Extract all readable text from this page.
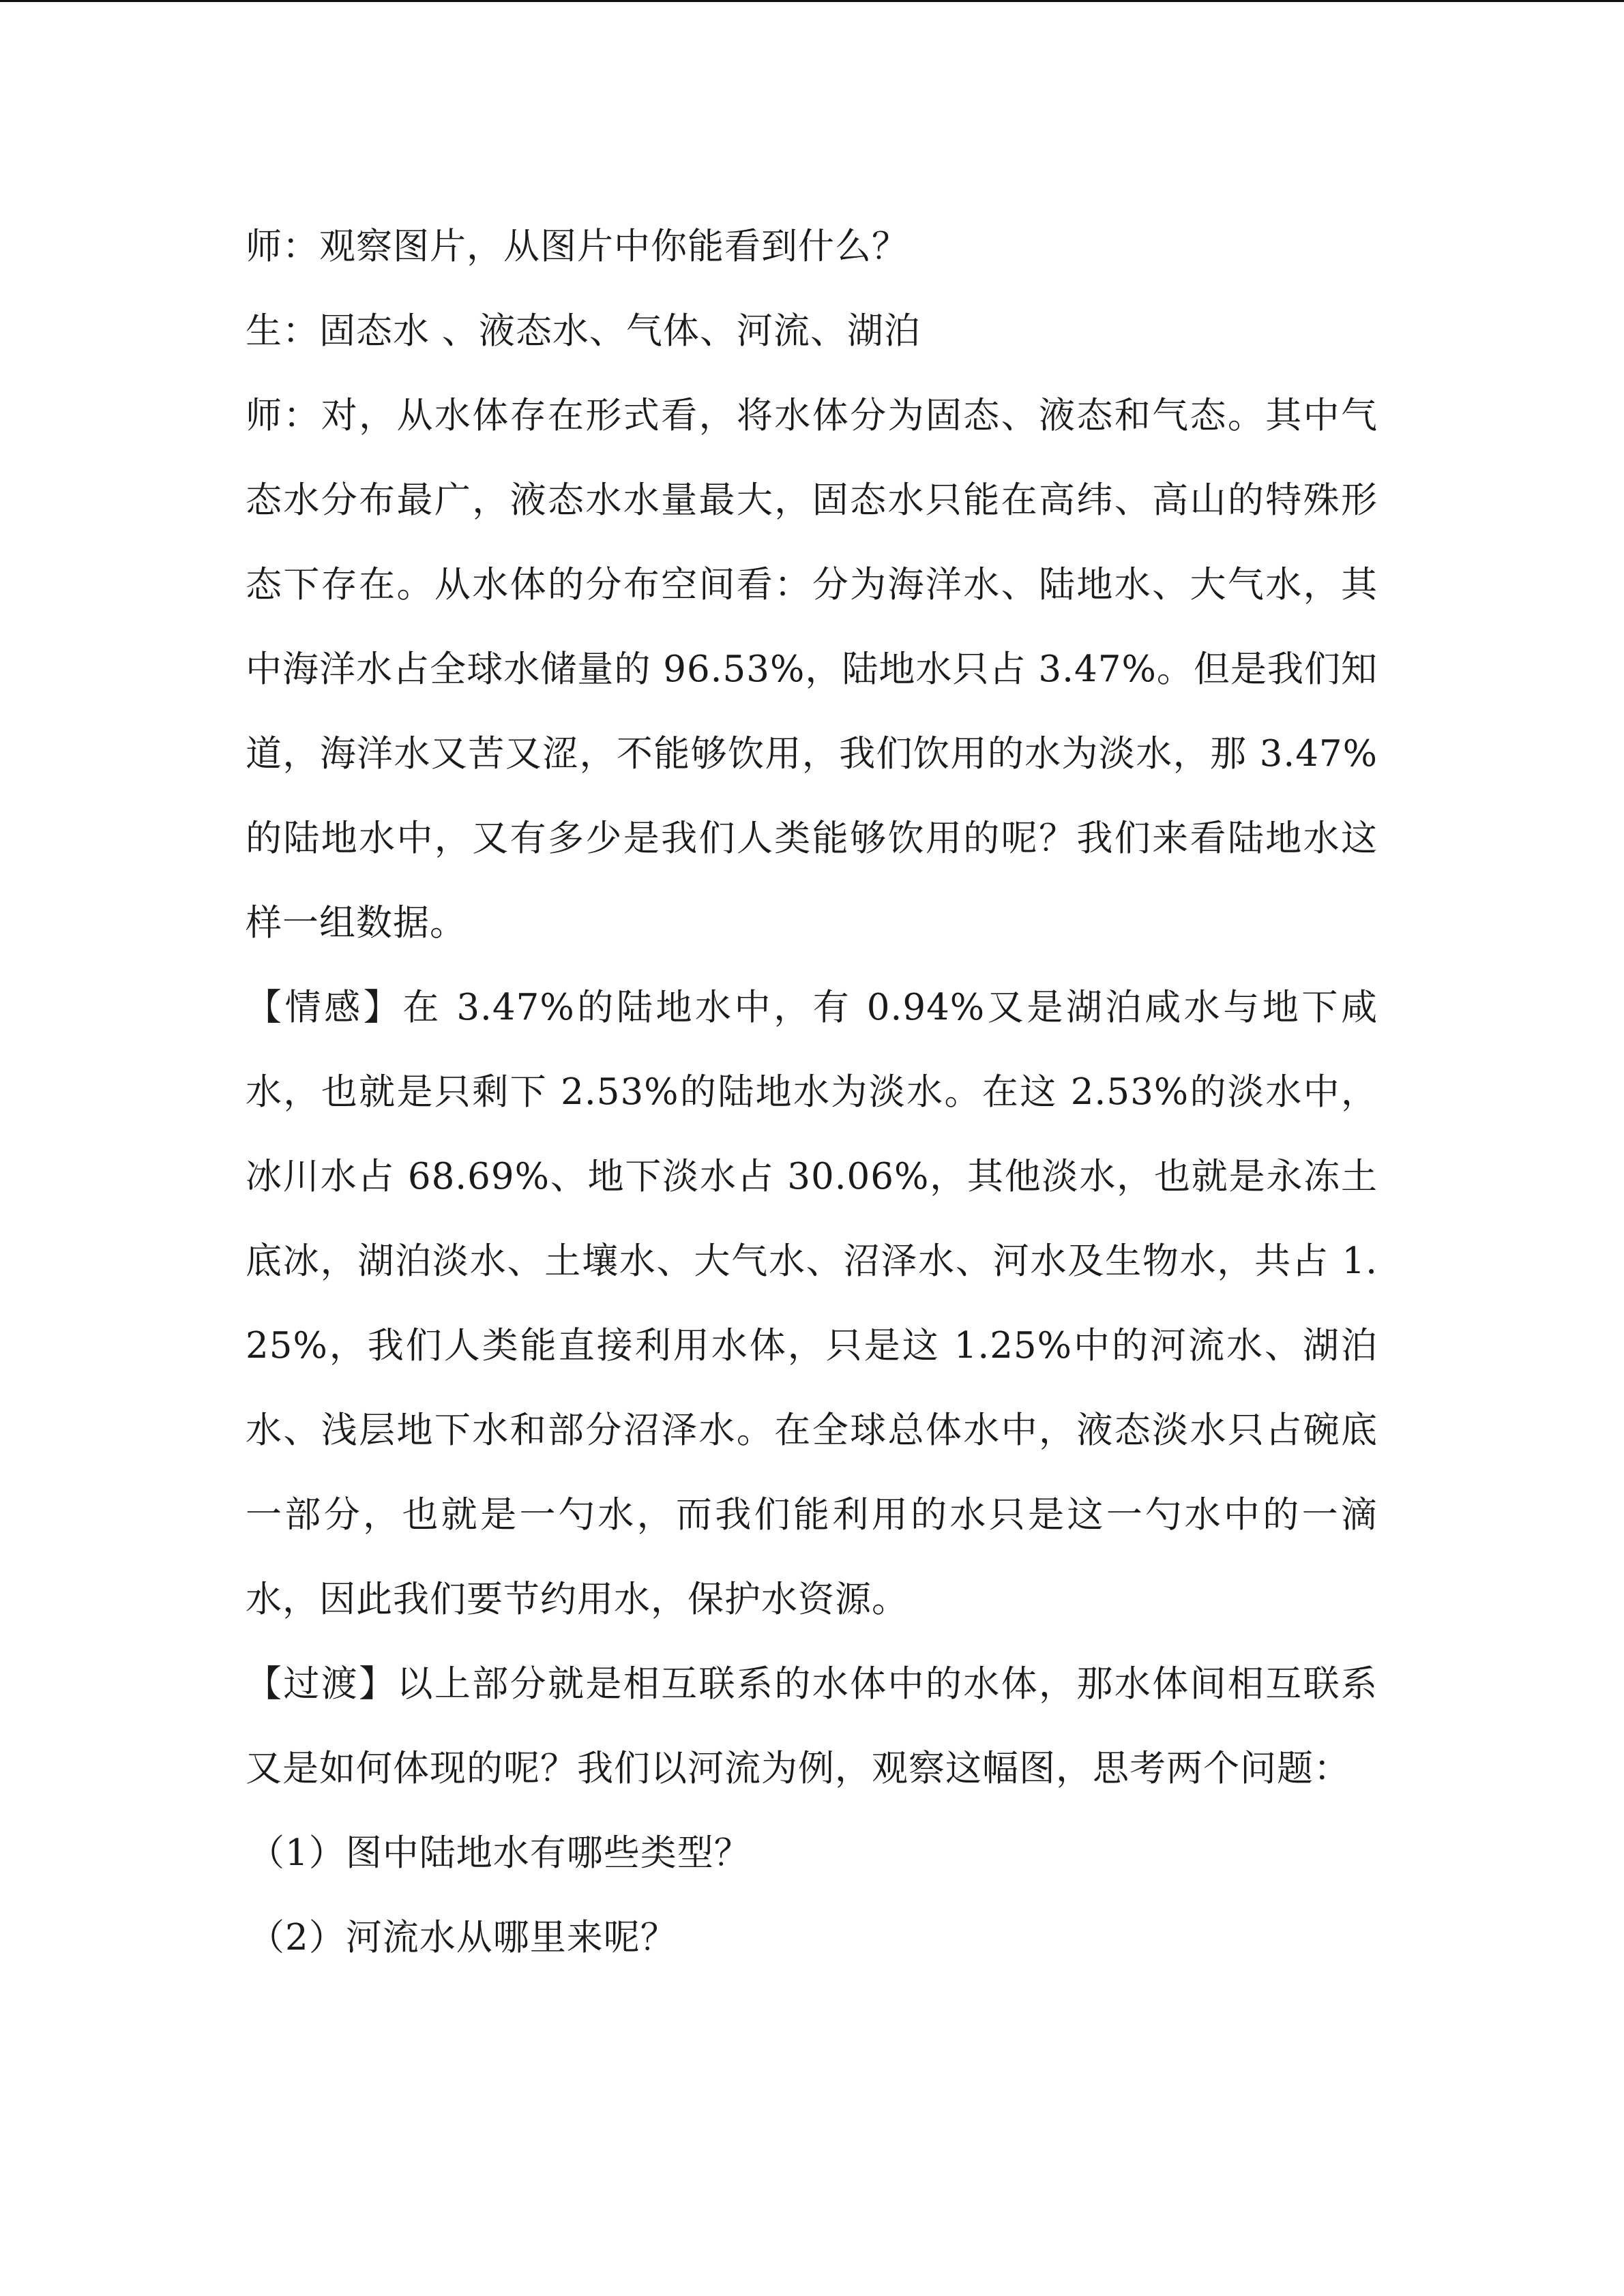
师：观察图片，从图片中你能看到什么？

生：固态水 、液态水、气体、河流、湖泊

师：对，从水体存在形式看，将水体分为固态、液态和气态。其中气态水分布最广，液态水水量最大，固态水只能在高纬、高山的特殊形态下存在。从水体的分布空间看：分为海洋水、陆地水、大气水，其中海洋水占全球水储量的 96.53%，陆地水只占 3.47%。但是我们知道，海洋水又苦又涩，不能够饮用，我们饮用的水为淡水，那 3.47%的陆地水中，又有多少是我们人类能够饮用的呢？我们来看陆地水这样一组数据。

【情感】在 3.47%的陆地水中，有 0.94%又是湖泊咸水与地下咸水，也就是只剩下 2.53%的陆地水为淡水。在这 2.53%的淡水中，冰川水占 68.69%、地下淡水占 30.06%，其他淡水，也就是永冻土底冰，湖泊淡水、土壤水、大气水、沼泽水、河水及生物水，共占 1.25%，我们人类能直接利用水体，只是这 1.25%中的河流水、湖泊水、浅层地下水和部分沼泽水。在全球总体水中，液态淡水只占碗底一部分，也就是一勺水，而我们能利用的水只是这一勺水中的一滴水，因此我们要节约用水，保护水资源。

【过渡】以上部分就是相互联系的水体中的水体，那水体间相互联系又是如何体现的呢？我们以河流为例，观察这幅图，思考两个问题：

（1）图中陆地水有哪些类型？

（2）河流水从哪里来呢？
